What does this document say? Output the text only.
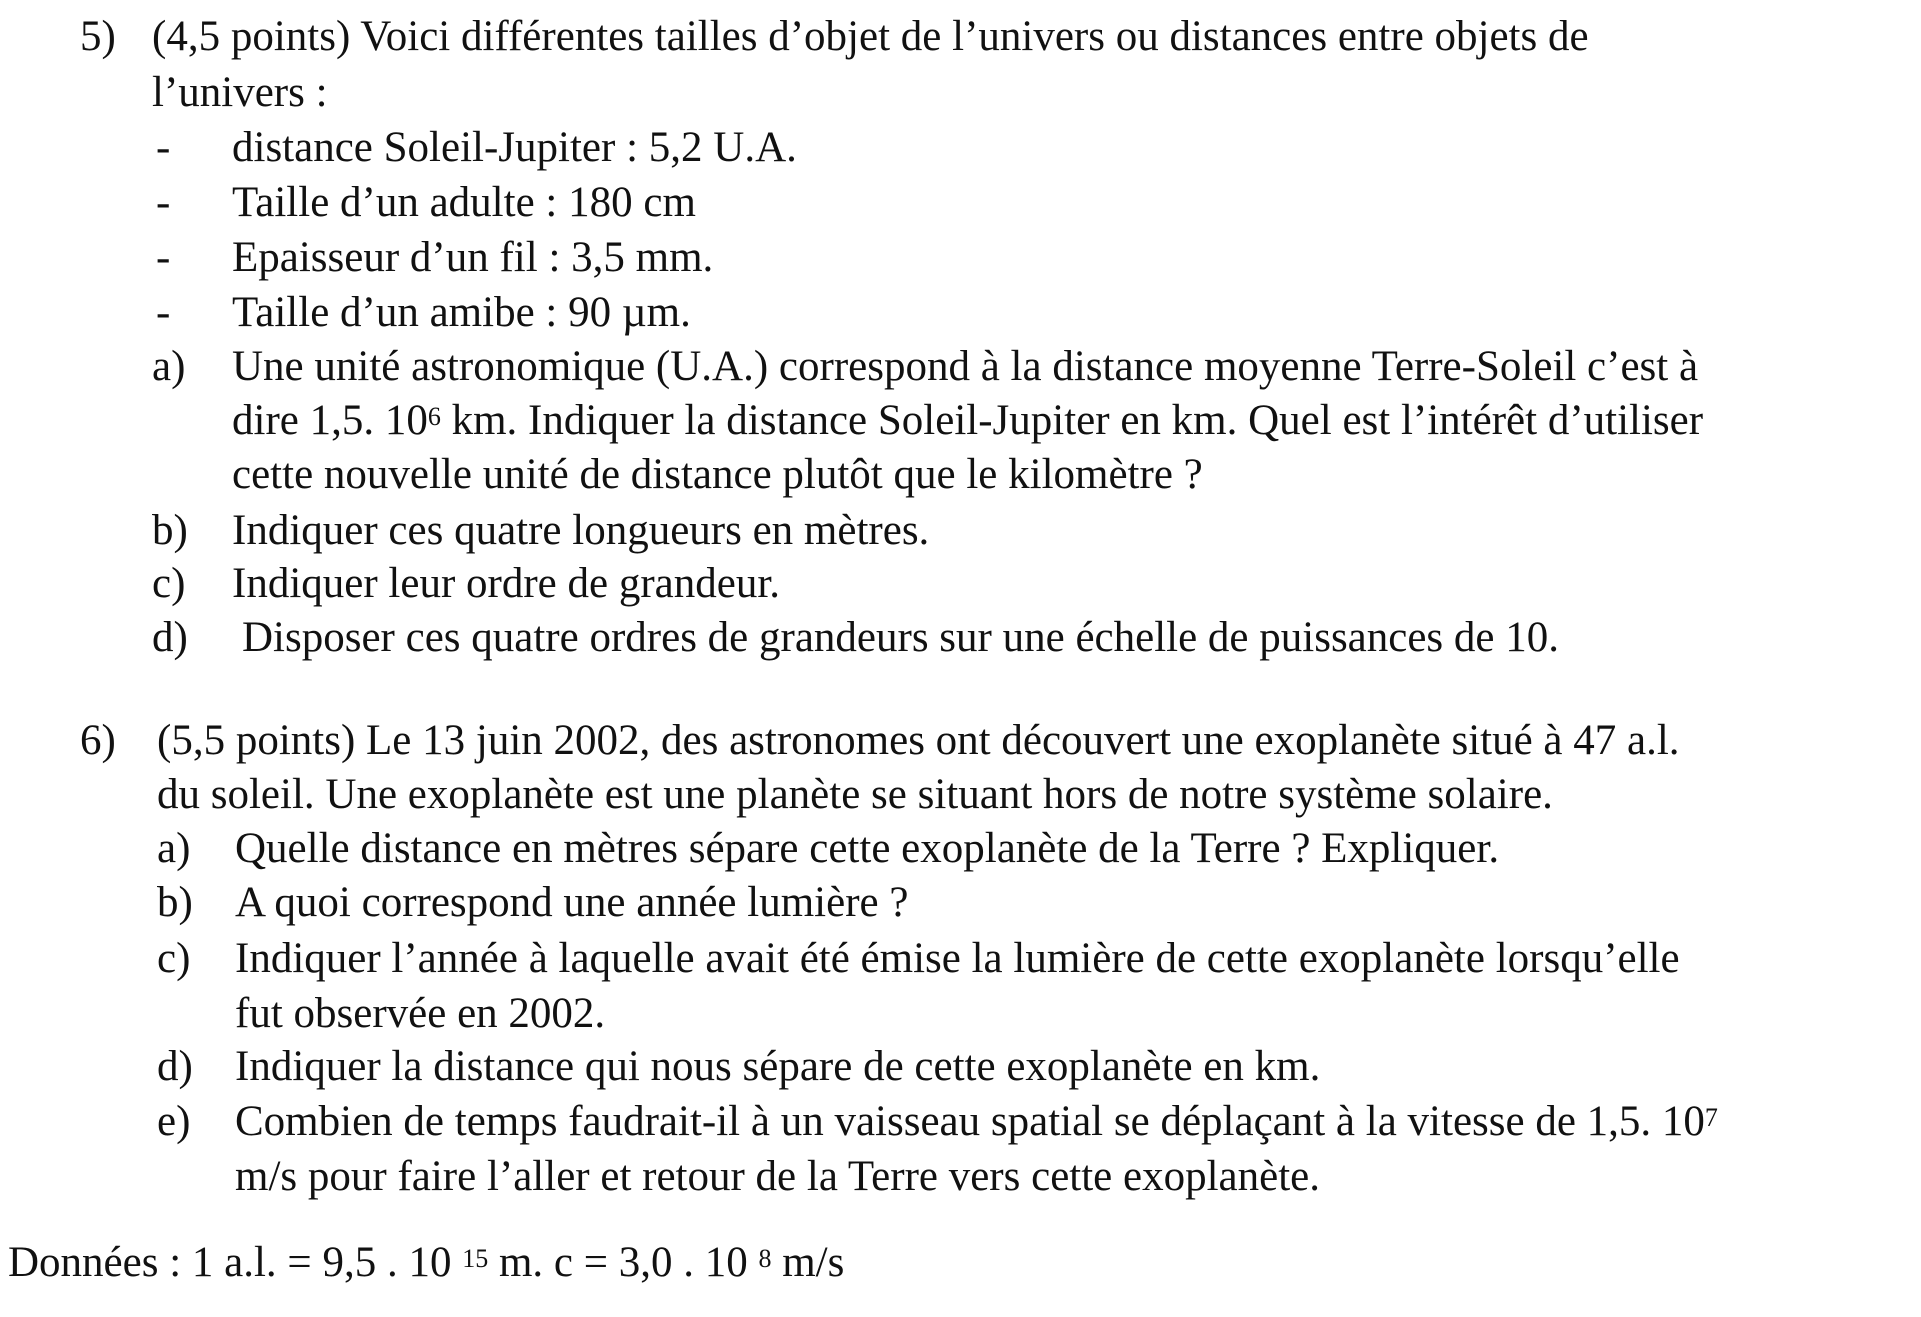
5) (4,5 points) Voici différentes tailles d’objet de l’univers ou distances entre objets de
l’univers :
- distance Soleil-Jupiter : 5,2 U.A.
- Taille d’un adulte : 180 cm
- Epaisseur d’un fil : 3,5 mm.
- Taille d’un amibe : 90 µm.
a) Une unité astronomique (U.A.) correspond à la distance moyenne Terre-Soleil c’est à
dire 1,5. $10^6$ km. Indiquer la distance Soleil-Jupiter en km. Quel est l’intérêt d’utiliser
cette nouvelle unité de distance plutôt que le kilomètre ?
b) Indiquer ces quatre longueurs en mètres.
c) Indiquer leur ordre de grandeur.
d) Disposer ces quatre ordres de grandeurs sur une échelle de puissances de 10.
6) (5,5 points) Le 13 juin 2002, des astronomes ont découvert une exoplanète situé à 47 a.l.
du soleil. Une exoplanète est une planète se situant hors de notre système solaire.
a) Quelle distance en mètres sépare cette exoplanète de la Terre ? Expliquer.
b) A quoi correspond une année lumière ?
c) Indiquer l’année à laquelle avait été émise la lumière de cette exoplanète lorsqu’elle
fut observée en 2002.
d) Indiquer la distance qui nous sépare de cette exoplanète en km.
e) Combien de temps faudrait-il à un vaisseau spatial se déplaçant à la vitesse de 1,5. $10^7$
m/s pour faire l’aller et retour de la Terre vers cette exoplanète.
Données : 1 a.l. = 9,5 . 10 $^{15}$ m. c = 3,0 . 10 $^8$ m/s
